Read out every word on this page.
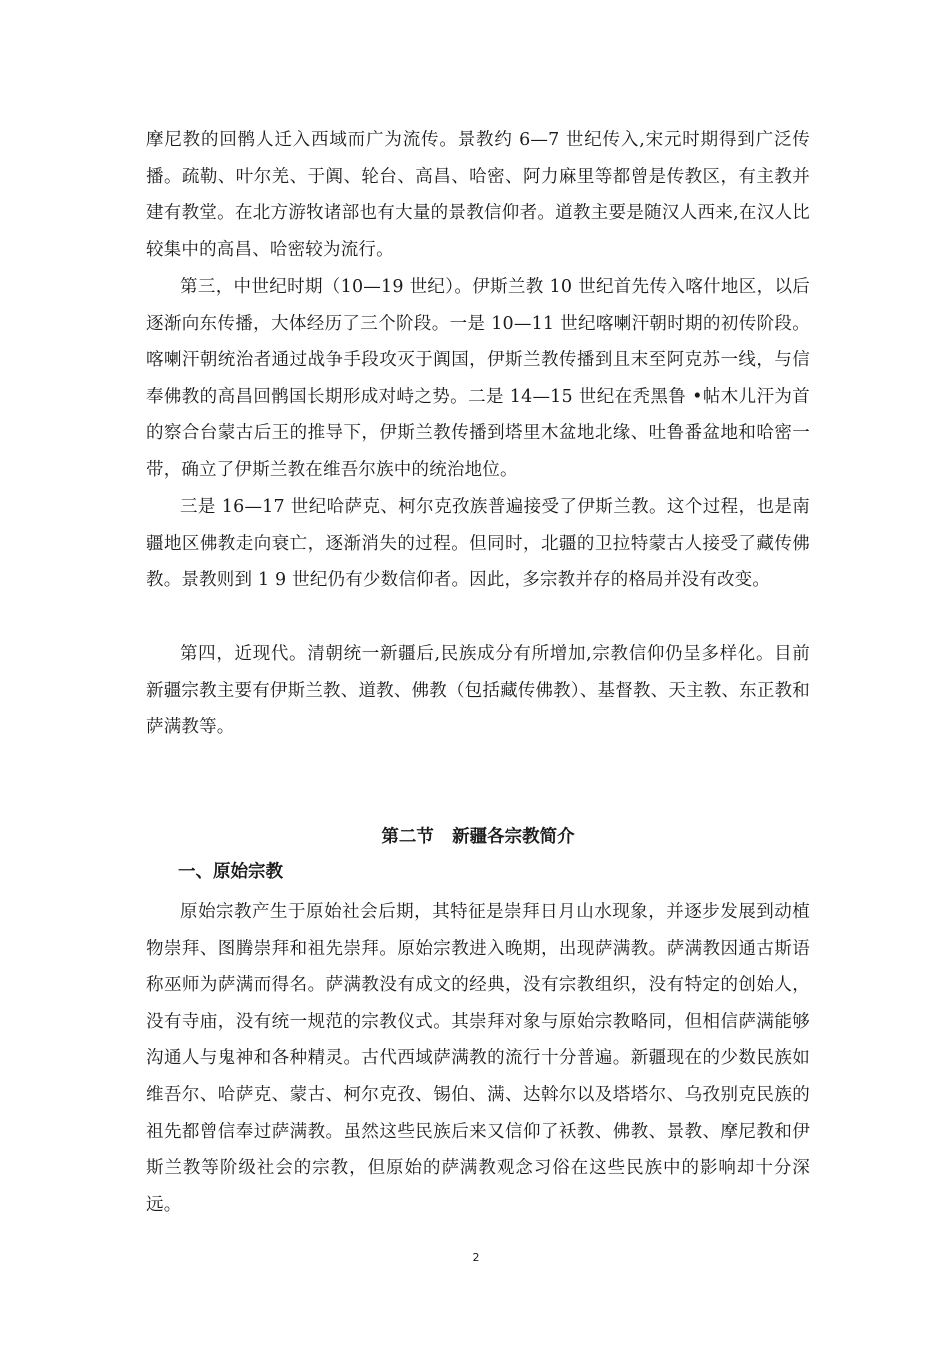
摩尼教的回鹘人迁入西域而广为流传。景教约 6—7 世纪传入,宋元时期得到广泛传播。疏勒、叶尔羌、于阗、轮台、高昌、哈密、阿力麻里等都曾是传教区，有主教并建有教堂。在北方游牧诸部也有大量的景教信仰者。道教主要是随汉人西来,在汉人比较集中的高昌、哈密较为流行。

第三，中世纪时期（10—19 世纪）。伊斯兰教 10 世纪首先传入喀什地区，以后逐渐向东传播，大体经历了三个阶段。一是 10—11 世纪喀喇汗朝时期的初传阶段。喀喇汗朝统治者通过战争手段攻灭于阗国，伊斯兰教传播到且末至阿克苏一线，与信奉佛教的高昌回鹘国长期形成对峙之势。二是 14—15 世纪在秃黑鲁 •帖木儿汗为首的察合台蒙古后王的推导下，伊斯兰教传播到塔里木盆地北缘、吐鲁番盆地和哈密一带，确立了伊斯兰教在维吾尔族中的统治地位。

三是 16—17 世纪哈萨克、柯尔克孜族普遍接受了伊斯兰教。这个过程，也是南疆地区佛教走向衰亡，逐渐消失的过程。但同时，北疆的卫拉特蒙古人接受了藏传佛教。景教则到 1 9 世纪仍有少数信仰者。因此，多宗教并存的格局并没有改变。

第四，近现代。清朝统一新疆后,民族成分有所增加,宗教信仰仍呈多样化。目前新疆宗教主要有伊斯兰教、道教、佛教（包括藏传佛教）、基督教、天主教、东正教和萨满教等。

第二节   新疆各宗教简介
一、原始宗教

原始宗教产生于原始社会后期，其特征是崇拜日月山水现象，并逐步发展到动植物崇拜、图腾崇拜和祖先崇拜。原始宗教进入晚期，出现萨满教。萨满教因通古斯语称巫师为萨满而得名。萨满教没有成文的经典，没有宗教组织，没有特定的创始人，没有寺庙，没有统一规范的宗教仪式。其崇拜对象与原始宗教略同，但相信萨满能够沟通人与鬼神和各种精灵。古代西域萨满教的流行十分普遍。新疆现在的少数民族如维吾尔、哈萨克、蒙古、柯尔克孜、锡伯、满、达斡尔以及塔塔尔、乌孜别克民族的祖先都曾信奉过萨满教。虽然这些民族后来又信仰了袄教、佛教、景教、摩尼教和伊斯兰教等阶级社会的宗教，但原始的萨满教观念习俗在这些民族中的影响却十分深远。

2
